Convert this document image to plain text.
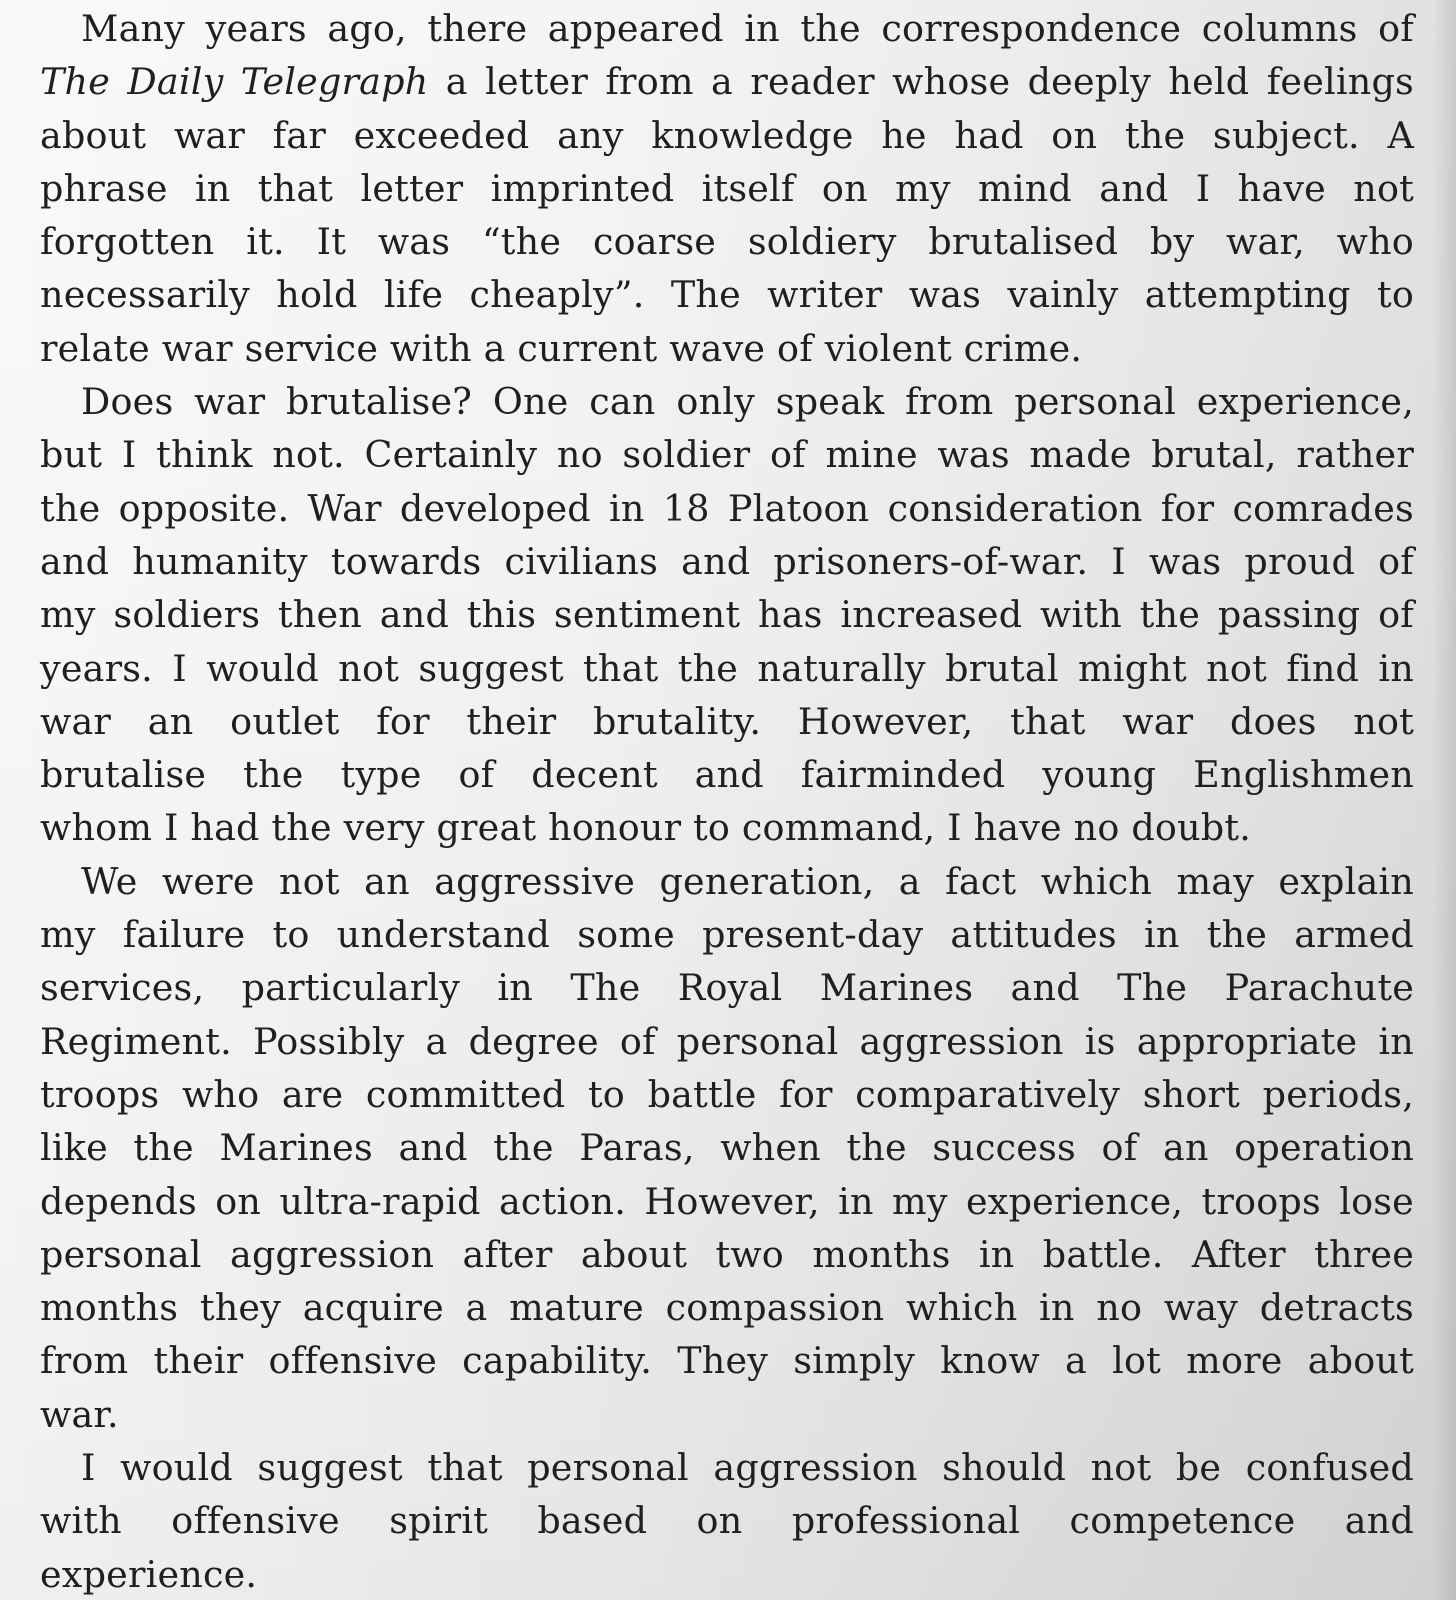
Many years ago, there appeared in the correspondence columns of
The Daily Telegraph a letter from a reader whose deeply held feelings
about war far exceeded any knowledge he had on the subject. A
phrase in that letter imprinted itself on my mind and I have not
forgotten it. It was “the coarse soldiery brutalised by war, who
necessarily hold life cheaply”. The writer was vainly attempting to
relate war service with a current wave of violent crime.
Does war brutalise? One can only speak from personal experience,
but I think not. Certainly no soldier of mine was made brutal, rather
the opposite. War developed in 18 Platoon consideration for comrades
and humanity towards civilians and prisoners-of-war. I was proud of
my soldiers then and this sentiment has increased with the passing of
years. I would not suggest that the naturally brutal might not find in
war an outlet for their brutality. However, that war does not
brutalise the type of decent and fairminded young Englishmen
whom I had the very great honour to command, I have no doubt.
We were not an aggressive generation, a fact which may explain
my failure to understand some present-day attitudes in the armed
services, particularly in The Royal Marines and The Parachute
Regiment. Possibly a degree of personal aggression is appropriate in
troops who are committed to battle for comparatively short periods,
like the Marines and the Paras, when the success of an operation
depends on ultra-rapid action. However, in my experience, troops lose
personal aggression after about two months in battle. After three
months they acquire a mature compassion which in no way detracts
from their offensive capability. They simply know a lot more about
war.
I would suggest that personal aggression should not be confused
with offensive spirit based on professional competence and
experience.
